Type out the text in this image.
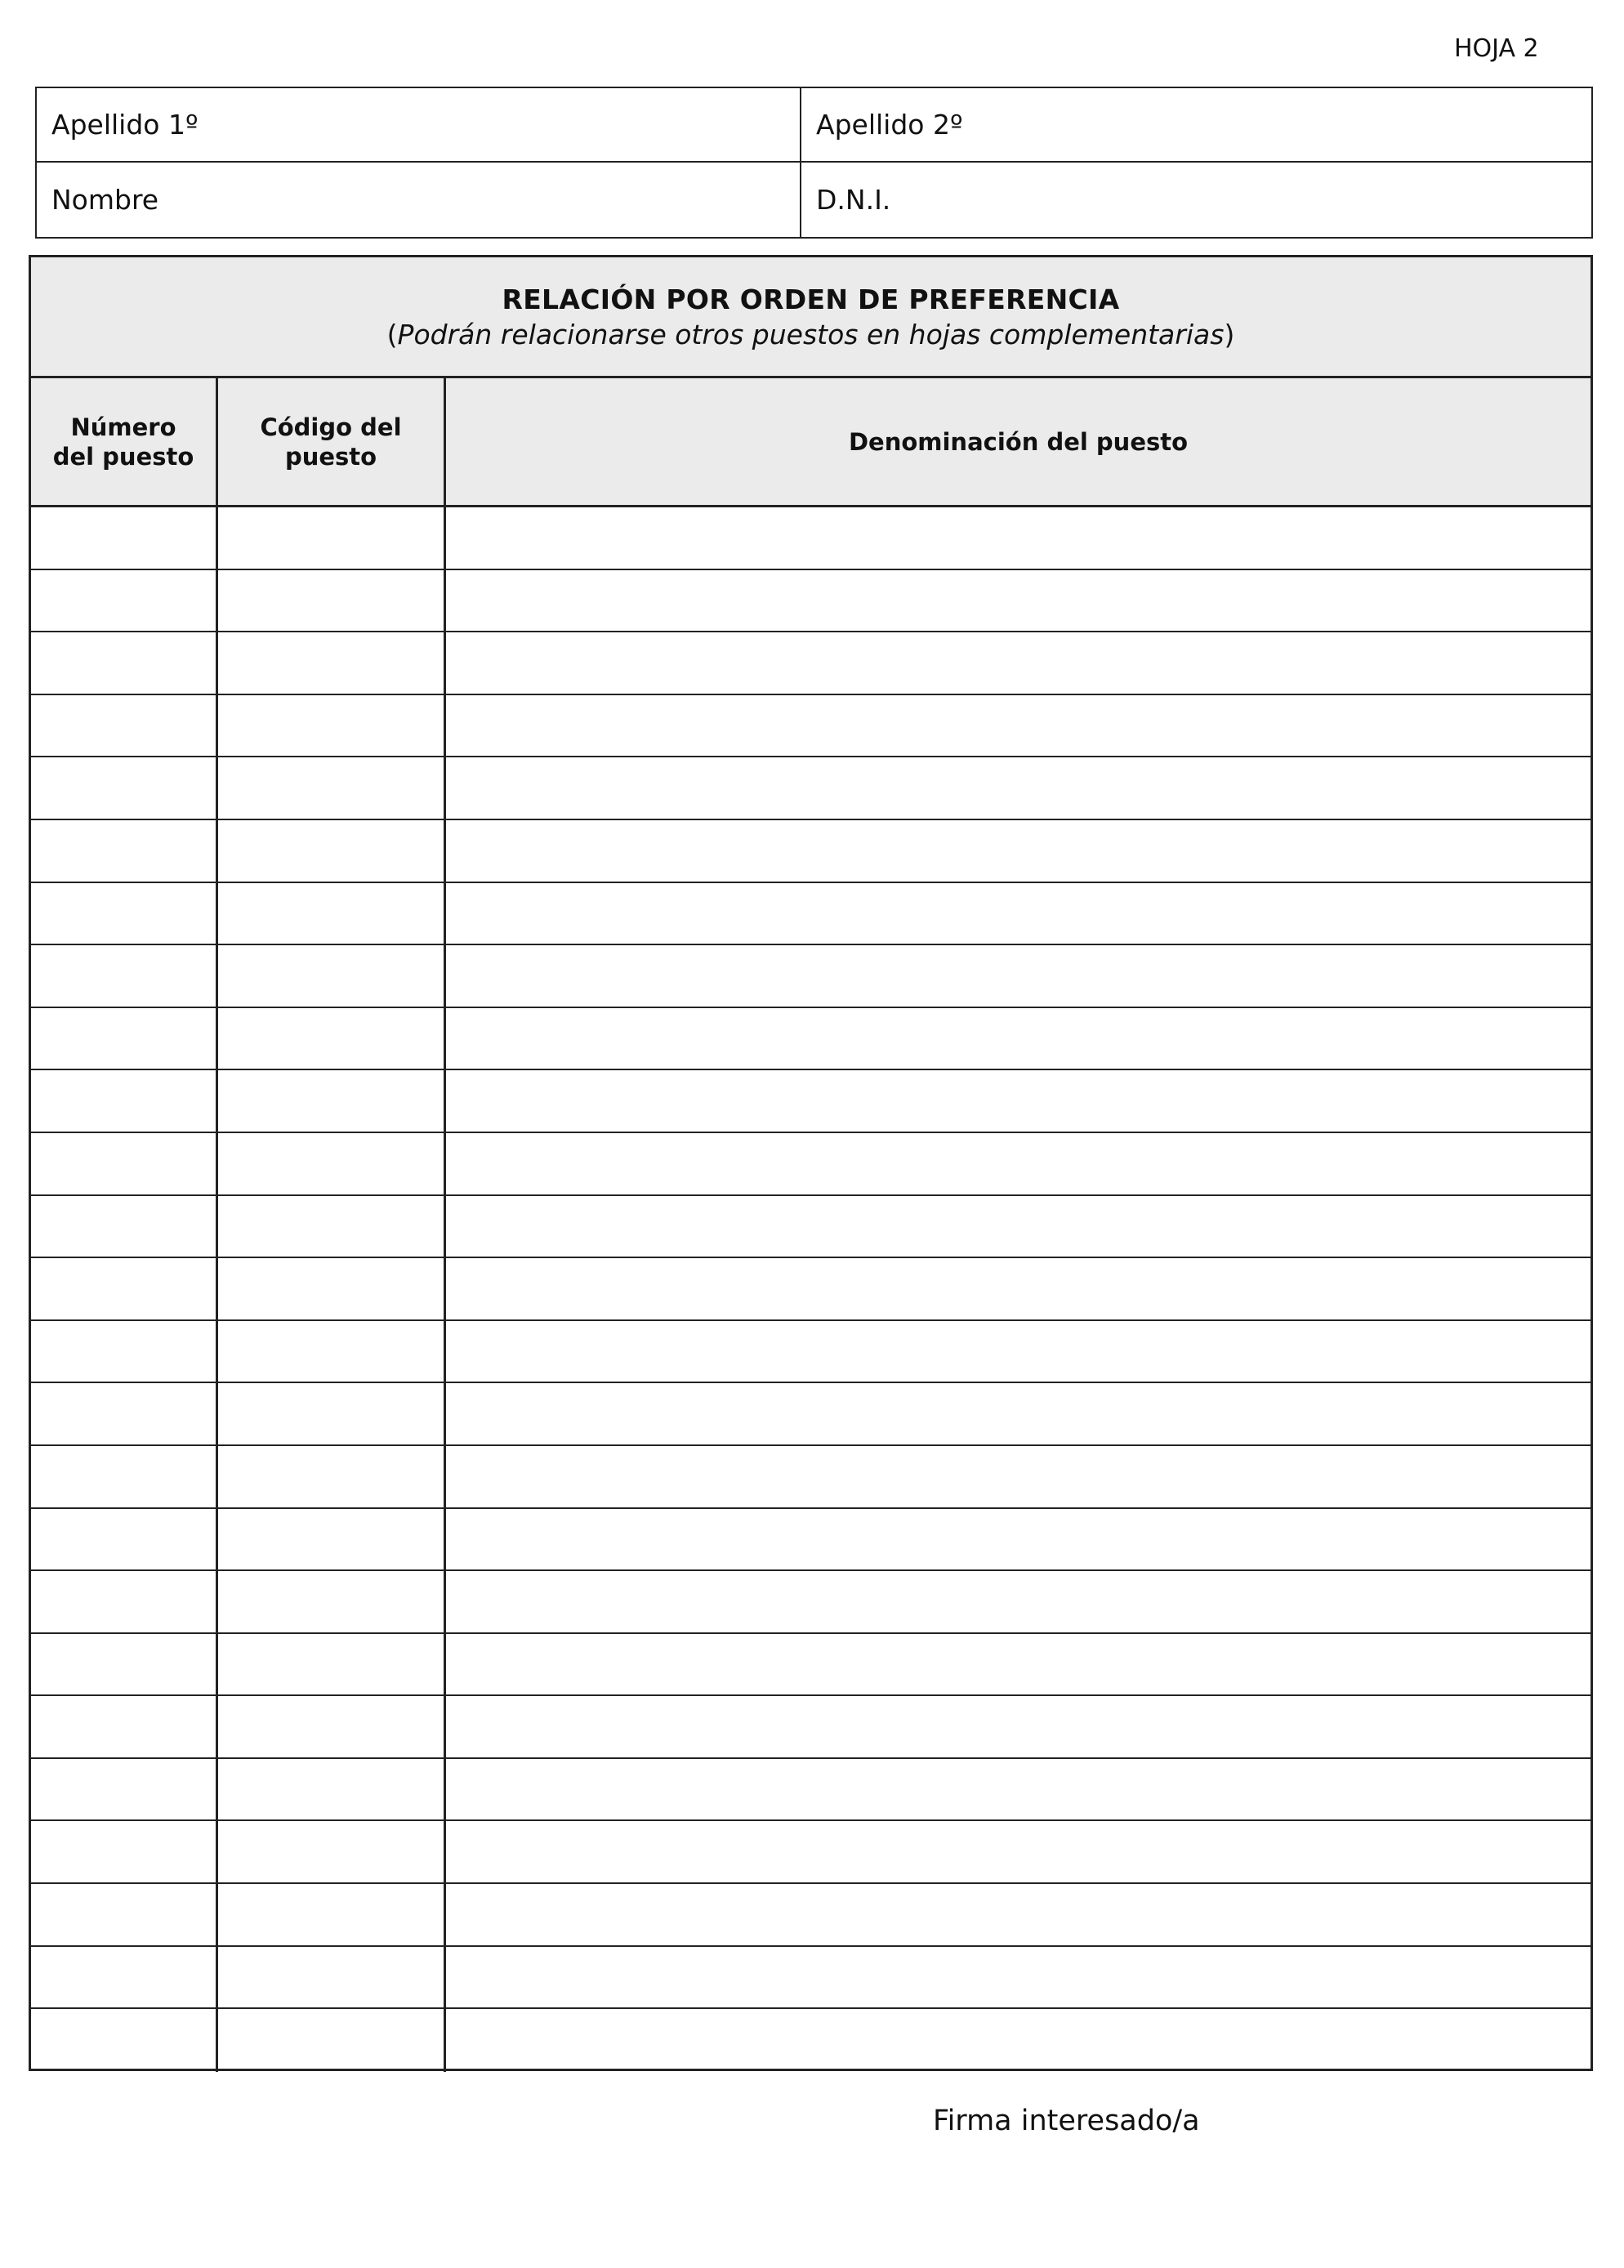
HOJA 2
Apellido 1º	Apellido 2º
Nombre	D.N.I.
RELACIÓN POR ORDEN DE PREFERENCIA
(Podrán relacionarse otros puestos en hojas complementarias)
Número
del puesto
Código del
puesto
Denominación del puesto
Firma interesado/a
